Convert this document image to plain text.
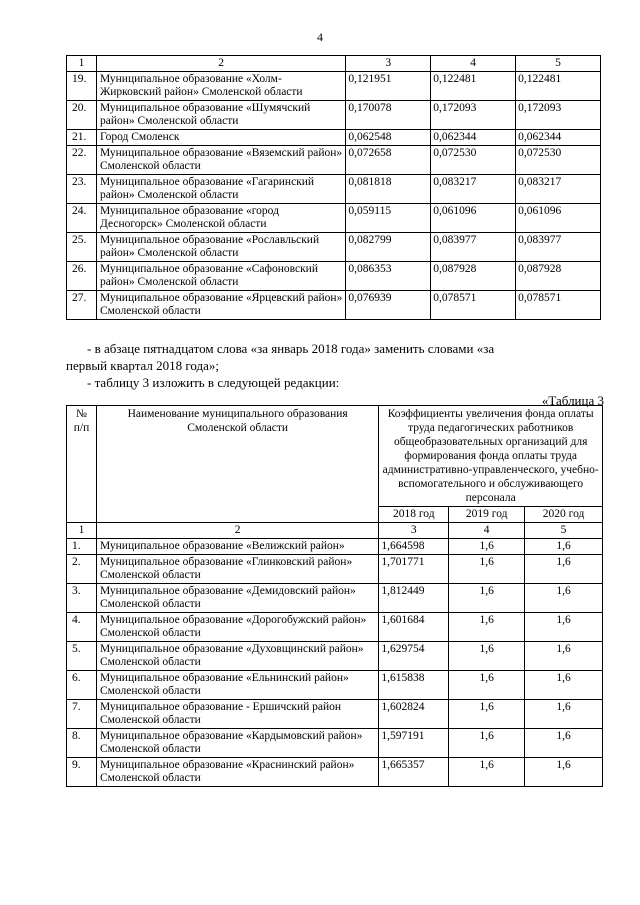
4
1	2	3	4	5
19.	Муниципальное образование «Холм-Жирковский район» Смоленской области	0,121951	0,122481	0,122481
20.	Муниципальное образование «Шумячский район» Смоленской области	0,170078	0,172093	0,172093
21.	Город Смоленск	0,062548	0,062344	0,062344
22.	Муниципальное образование «Вяземский район» Смоленской области	0,072658	0,072530	0,072530
23.	Муниципальное образование «Гагаринский район» Смоленской области	0,081818	0,083217	0,083217
24.	Муниципальное образование «город Десногорск» Смоленской области	0,059115	0,061096	0,061096
25.	Муниципальное образование «Рославльский район» Смоленской области	0,082799	0,083977	0,083977
26.	Муниципальное образование «Сафоновский район» Смоленской области	0,086353	0,087928	0,087928
27.	Муниципальное образование «Ярцевский район» Смоленской области	0,076939	0,078571	0,078571
- в абзаце пятнадцатом слова «за январь 2018 года» заменить словами «за
первый квартал 2018 года»;
- таблицу 3 изложить в следующей редакции:
«Таблица 3
№ п/п	Наименование муниципального образования Смоленской области	Коэффициенты увеличения фонда оплаты труда педагогических работников общеобразовательных организаций для формирования фонда оплаты труда административно-управленческого, учебно-вспомогательного и обслуживающего персонала		
		2018 год	2019 год	2020 год
1	2	3	4	5
1.	Муниципальное образование «Велижский район»	1,664598	1,6	1,6
2.	Муниципальное образование «Глинковский район» Смоленской области	1,701771	1,6	1,6
3.	Муниципальное образование «Демидовский район» Смоленской области	1,812449	1,6	1,6
4.	Муниципальное образование «Дорогобужский район» Смоленской области	1,601684	1,6	1,6
5.	Муниципальное образование «Духовщинский район» Смоленской области	1,629754	1,6	1,6
6.	Муниципальное образование «Ельнинский район» Смоленской области	1,615838	1,6	1,6
7.	Муниципальное образование - Ершичский район Смоленской области	1,602824	1,6	1,6
8.	Муниципальное образование «Кардымовский район» Смоленской области	1,597191	1,6	1,6
9.	Муниципальное образование «Краснинский район» Смоленской области	1,665357	1,6	1,6
